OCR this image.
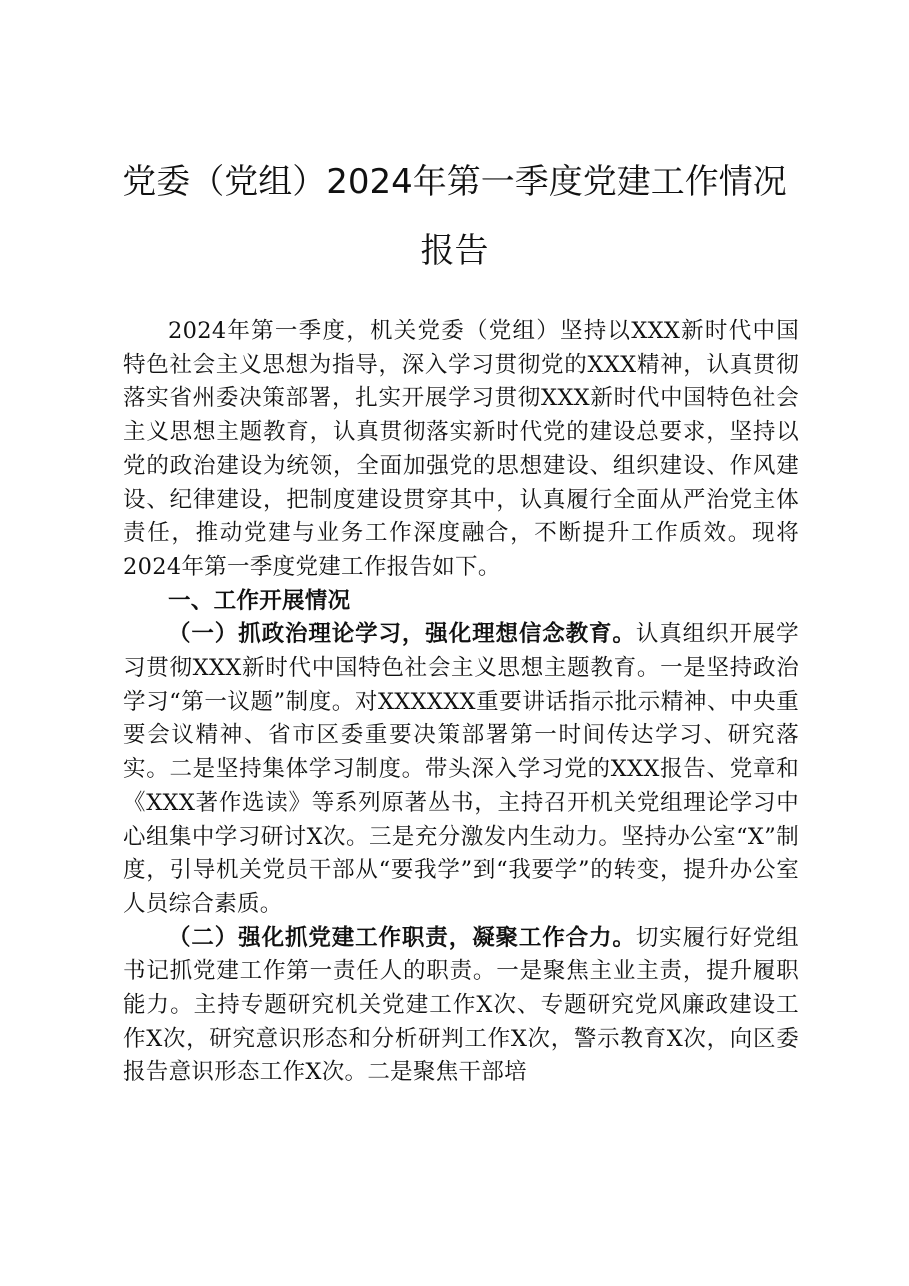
党委（党组）2024年第一季度党建工作情况
报告

2024年第一季度，机关党委（党组）坚持以XXX新时代中国特色社会主义思想为指导，深入学习贯彻党的XXX精神，认真贯彻落实省州委决策部署，扎实开展学习贯彻XXX新时代中国特色社会主义思想主题教育，认真贯彻落实新时代党的建设总要求，坚持以党的政治建设为统领，全面加强党的思想建设、组织建设、作风建设、纪律建设，把制度建设贯穿其中，认真履行全面从严治党主体责任，推动党建与业务工作深度融合，不断提升工作质效。现将2024年第一季度党建工作报告如下。

一、工作开展情况

（一）抓政治理论学习，强化理想信念教育。认真组织开展学习贯彻XXX新时代中国特色社会主义思想主题教育。一是坚持政治学习“第一议题”制度。对XXXXXX重要讲话指示批示精神、中央重要会议精神、省市区委重要决策部署第一时间传达学习、研究落实。二是坚持集体学习制度。带头深入学习党的XXX报告、党章和《XXX著作选读》等系列原著丛书，主持召开机关党组理论学习中心组集中学习研讨X次。三是充分激发内生动力。坚持办公室“X”制度，引导机关党员干部从“要我学”到“我要学”的转变，提升办公室人员综合素质。

（二）强化抓党建工作职责，凝聚工作合力。切实履行好党组书记抓党建工作第一责任人的职责。一是聚焦主业主责，提升履职能力。主持专题研究机关党建工作X次、专题研究党风廉政建设工作X次，研究意识形态和分析研判工作X次，警示教育X次，向区委报告意识形态工作X次。二是聚焦干部培
